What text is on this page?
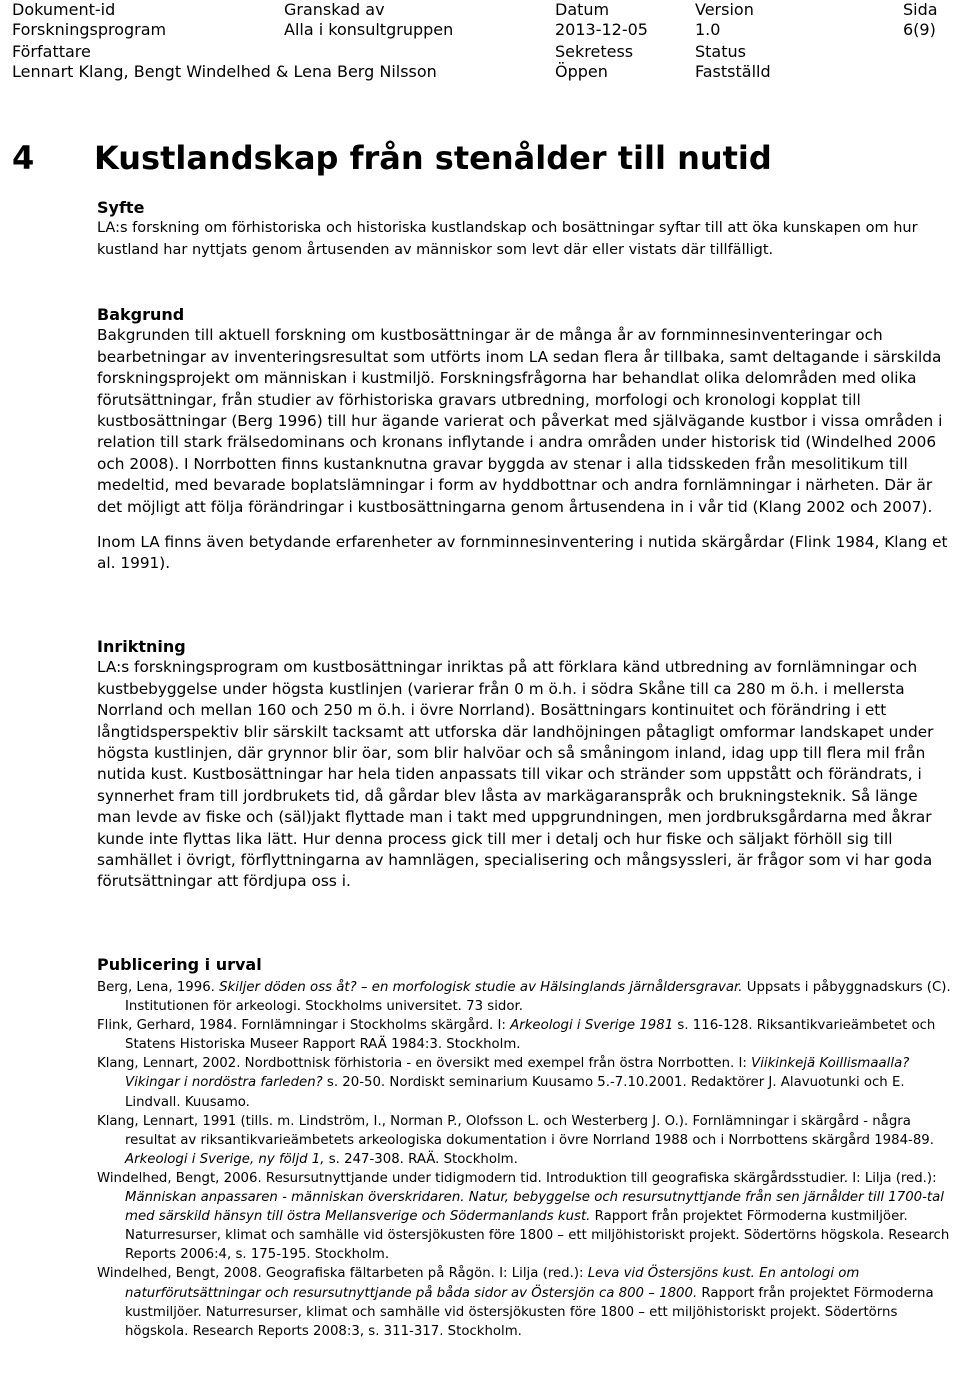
Dokument-id
Forskningsprogram
Granskad av
Alla i konsultgruppen
Datum
2013-12-05
Version
1.0
Sida
6(9)
Författare
Lennart Klang, Bengt Windelhed & Lena Berg Nilsson
Sekretess
Öppen
Status
Fastställd
4 Kustlandskap från stenålder till nutid
Syfte

LA:s forskning om förhistoriska och historiska kustlandskap och bosättningar syftar till att öka kunskapen om hur kustland har nyttjats genom årtusenden av människor som levt där eller vistats där tillfälligt.

Bakgrund

Bakgrunden till aktuell forskning om kustbosättningar är de många år av fornminnesinventeringar och bearbetningar av inventeringsresultat som utförts inom LA sedan flera år tillbaka, samt deltagande i särskilda forskningsprojekt om människan i kustmiljö. Forskningsfrågorna har behandlat olika delområden med olika förutsättningar, från studier av förhistoriska gravars utbredning, morfologi och kronologi kopplat till kustbosättningar (Berg 1996) till hur ägande varierat och påverkat med självägande kustbor i vissa områden i relation till stark frälsedominans och kronans inflytande i andra områden under historisk tid (Windelhed 2006 och 2008). I Norrbotten finns kustanknutna gravar byggda av stenar i alla tidsskeden från mesolitikum till medeltid, med bevarade boplatslämningar i form av hyddbottnar och andra fornlämningar i närheten. Där är det möjligt att följa förändringar i kustbosättningarna genom årtusendena in i vår tid (Klang 2002 och 2007).

Inom LA finns även betydande erfarenheter av fornminnesinventering i nutida skärgårdar (Flink 1984, Klang et al. 1991).

Inriktning

LA:s forskningsprogram om kustbosättningar inriktas på att förklara känd utbredning av fornlämningar och kustbebyggelse under högsta kustlinjen (varierar från 0 m ö.h. i södra Skåne till ca 280 m ö.h. i mellersta Norrland och mellan 160 och 250 m ö.h. i övre Norrland). Bosättningars kontinuitet och förändring i ett långtidsperspektiv blir särskilt tacksamt att utforska där landhöjningen påtagligt omformar landskapet under högsta kustlinjen, där grynnor blir öar, som blir halvöar och så småningom inland, idag upp till flera mil från nutida kust. Kustbosättningar har hela tiden anpassats till vikar och stränder som uppstått och förändrats, i synnerhet fram till jordbrukets tid, då gårdar blev låsta av markägaranspråk och brukningsteknik. Så länge man levde av fiske och (säl)jakt flyttade man i takt med uppgrundningen, men jordbruksgårdarna med åkrar kunde inte flyttas lika lätt. Hur denna process gick till mer i detalj och hur fiske och säljakt förhöll sig till samhället i övrigt, förflyttningarna av hamnlägen, specialisering och mångsyssleri, är frågor som vi har goda förutsättningar att fördjupa oss i.

Publicering i urval
Berg, Lena, 1996. Skiljer döden oss åt? – en morfologisk studie av Hälsinglands järnåldersgravar. Uppsats i påbyggnadskurs (C). Institutionen för arkeologi. Stockholms universitet. 73 sidor.
Flink, Gerhard, 1984. Fornlämningar i Stockholms skärgård. I: Arkeologi i Sverige 1981 s. 116-128. Riksantikvarieämbetet och Statens Historiska Museer Rapport RAÄ 1984:3. Stockholm.
Klang, Lennart, 2002. Nordbottnisk förhistoria - en översikt med exempel från östra Norrbotten. I: Viikinkejä Koillismaalla? Vikingar i nordöstra farleden? s. 20-50. Nordiskt seminarium Kuusamo 5.-7.10.2001. Redaktörer J. Alavuotunki och E. Lindvall. Kuusamo.
Klang, Lennart, 1991 (tills. m. Lindström, I., Norman P., Olofsson L. och Westerberg J. O.). Fornlämningar i skärgård - några resultat av riksantikvarieämbetets arkeologiska dokumentation i övre Norrland 1988 och i Norrbottens skärgård 1984-89. Arkeologi i Sverige, ny följd 1, s. 247-308. RAÄ. Stockholm.
Windelhed, Bengt, 2006. Resursutnyttjande under tidigmodern tid. Introduktion till geografiska skärgårdsstudier. I: Lilja (red.): Människan anpassaren - människan överskridaren. Natur, bebyggelse och resursutnyttjande från sen järnålder till 1700-tal med särskild hänsyn till östra Mellansverige och Södermanlands kust. Rapport från projektet Förmoderna kustmiljöer. Naturresurser, klimat och samhälle vid östersjökusten före 1800 – ett miljöhistoriskt projekt. Södertörns högskola. Research Reports 2006:4, s. 175-195. Stockholm.
Windelhed, Bengt, 2008. Geografiska fältarbeten på Rågön. I: Lilja (red.): Leva vid Östersjöns kust. En antologi om naturförutsättningar och resursutnyttjande på båda sidor av Östersjön ca 800 – 1800. Rapport från projektet Förmoderna kustmiljöer. Naturresurser, klimat och samhälle vid östersjökusten före 1800 – ett miljöhistoriskt projekt. Södertörns högskola. Research Reports 2008:3, s. 311-317. Stockholm.
